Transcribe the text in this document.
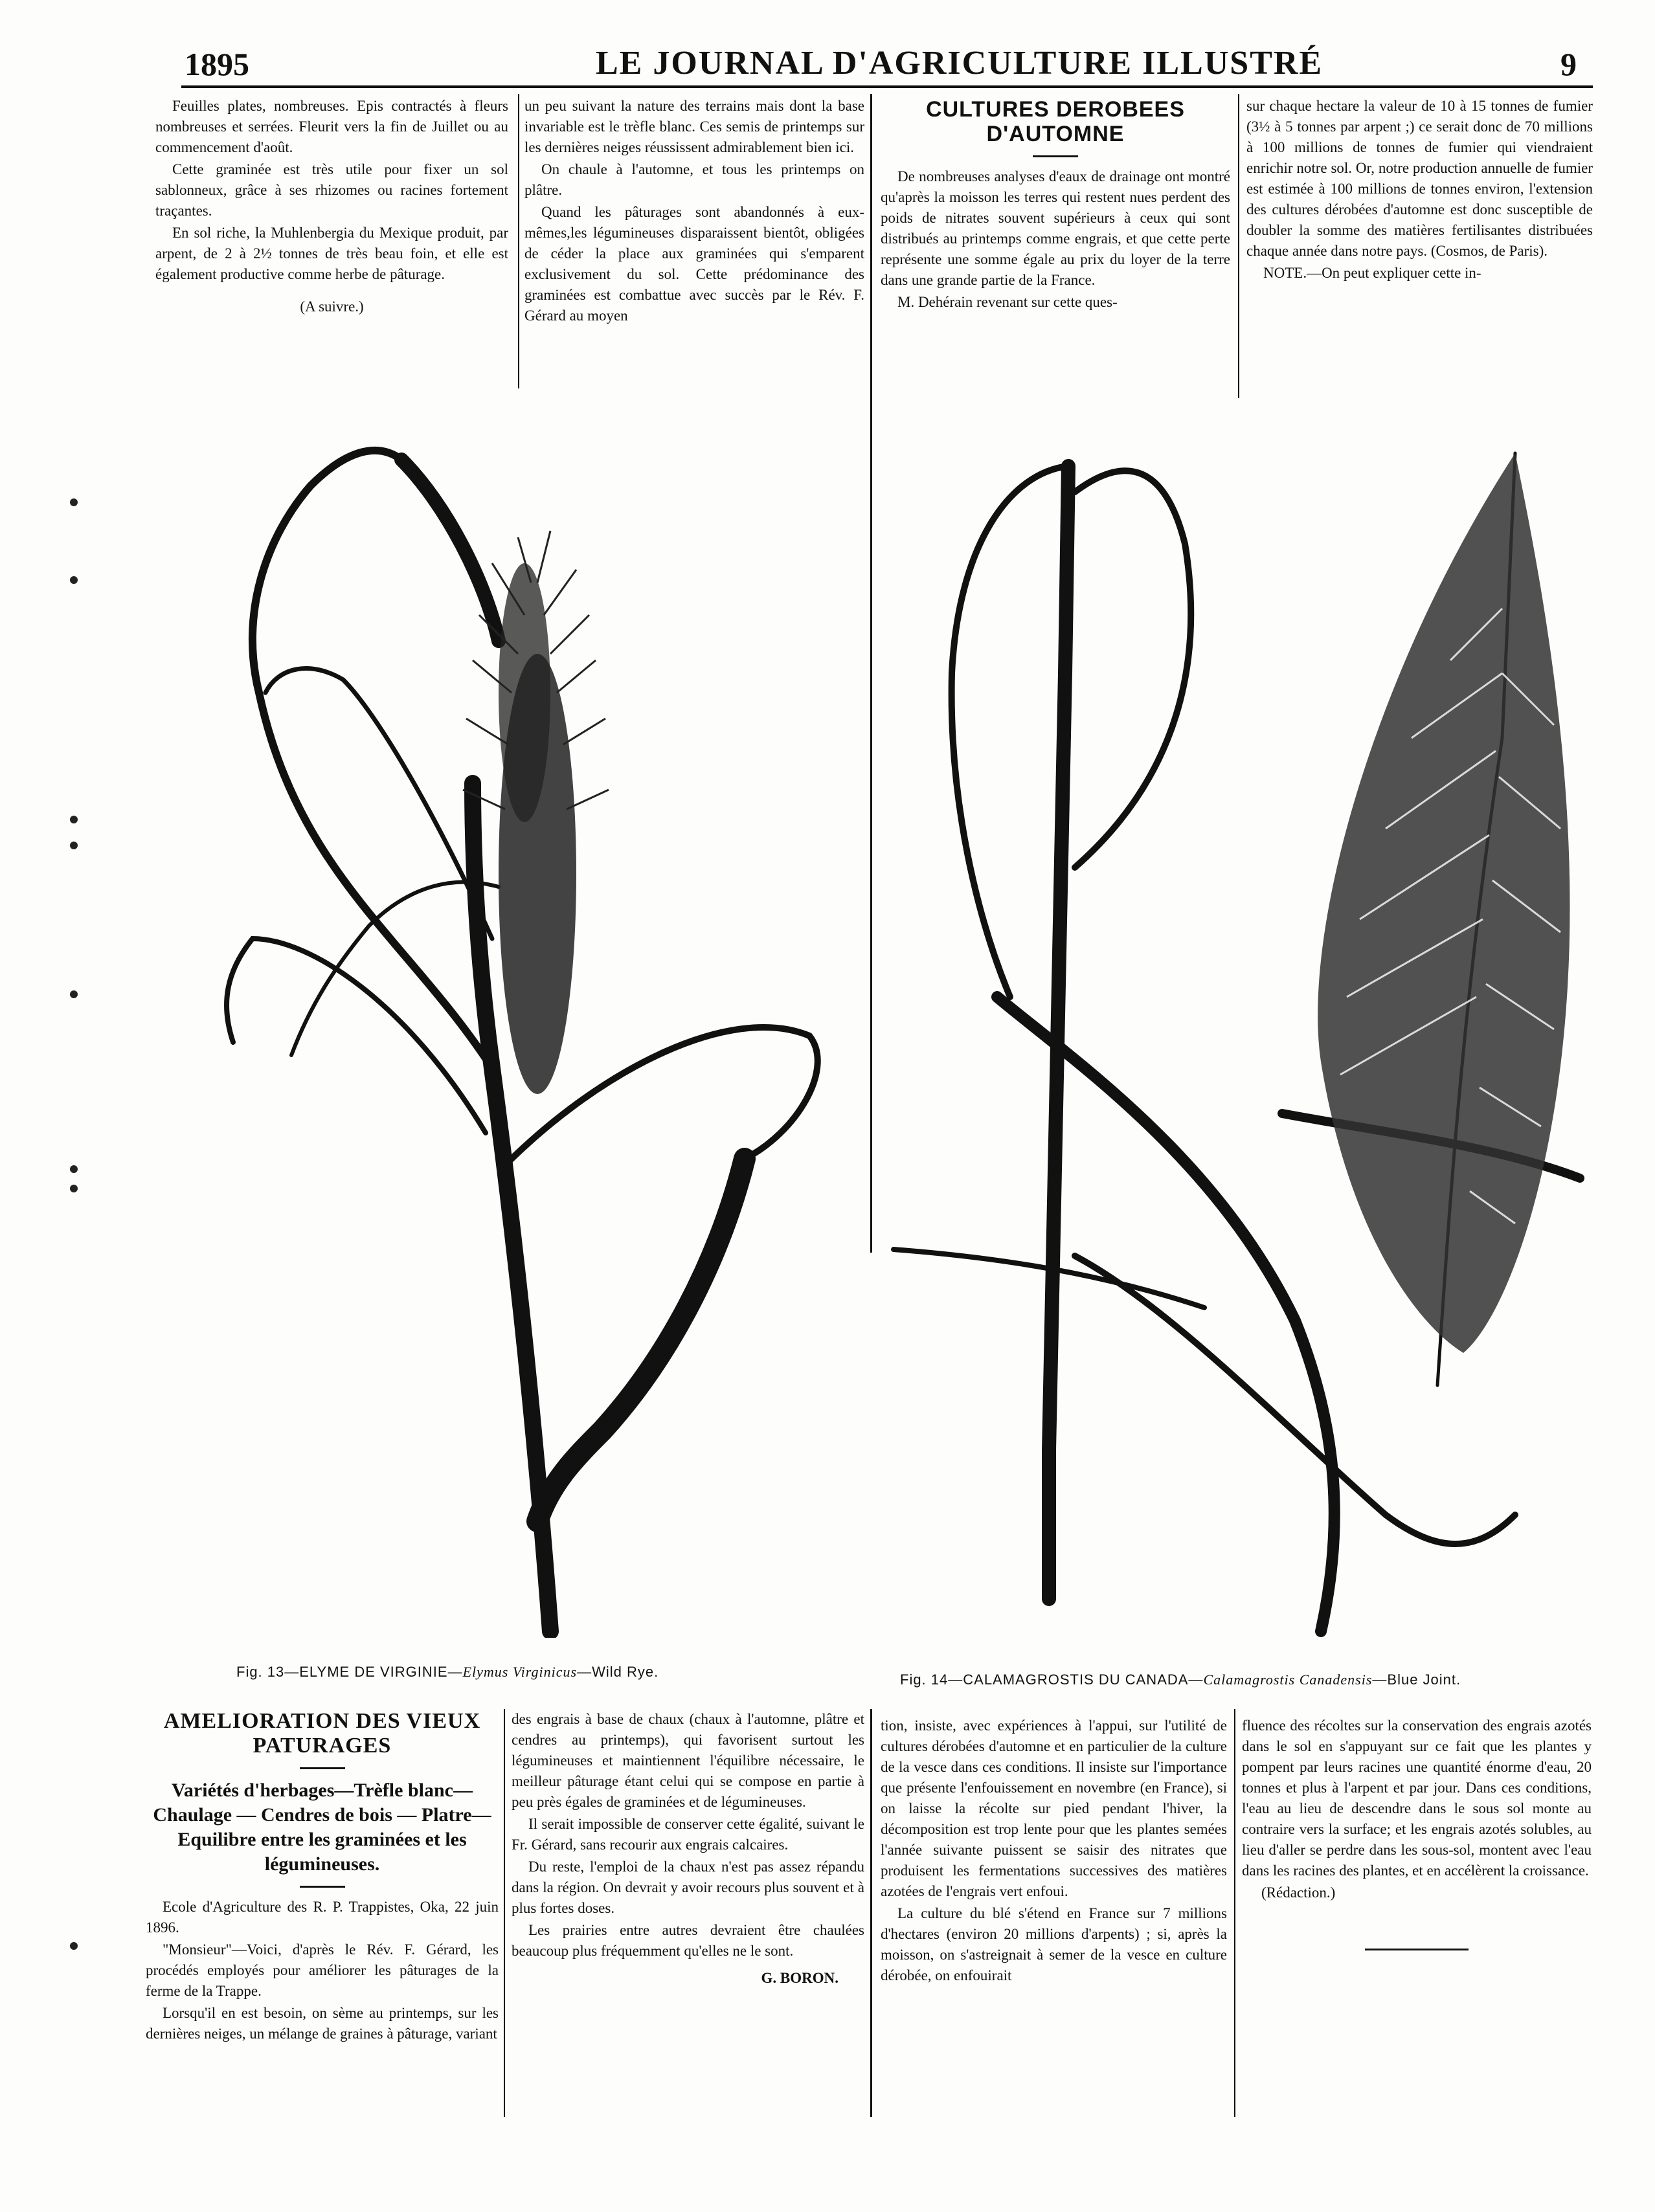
1895	LE JOURNAL D'AGRICULTURE ILLUSTRÉ	9

Feuilles plates, nombreuses. Epis contractés à fleurs nombreuses et serrées. Fleurit vers la fin de Juillet ou au commencement d'août.

Cette graminée est très utile pour fixer un sol sablonneux, grâce à ses rhizomes ou racines fortement traçantes.

En sol riche, la Muhlenbergia du Mexique produit, par arpent, de 2 à 2½ tonnes de très beau foin, et elle est également productive comme herbe de pâturage.

(A suivre.)

un peu suivant la nature des terrains mais dont la base invariable est le trèfle blanc. Ces semis de printemps sur les dernières neiges réussissent admirablement bien ici.

On chaule à l'automne, et tous les printemps on plâtre.

Quand les pâturages sont abandonnés à eux-mêmes,les légumineuses disparaissent bientôt, obligées de céder la place aux graminées qui s'emparent exclusivement du sol. Cette prédominance des graminées est combattue avec succès par le Rév. F. Gérard au moyen

CULTURES DEROBEES D'AUTOMNE

De nombreuses analyses d'eaux de drainage ont montré qu'après la moisson les terres qui restent nues perdent des poids de nitrates souvent supérieurs à ceux qui sont distribués au printemps comme engrais, et que cette perte représente une somme égale au prix du loyer de la terre dans une grande partie de la France.

M. Dehérain revenant sur cette ques-

sur chaque hectare la valeur de 10 à 15 tonnes de fumier (3½ à 5 tonnes par arpent ;) ce serait donc de 70 millions à 100 millions de tonnes de fumier qui viendraient enrichir notre sol. Or, notre production annuelle de fumier est estimée à 100 millions de tonnes environ, l'extension des cultures dérobées d'automne est donc susceptible de doubler la somme des matières fertilisantes distribuées chaque année dans notre pays. (Cosmos, de Paris).

NOTE.—On peut expliquer cette in-

Fig. 13—ELYME DE VIRGINIE—Elymus Virginicus—Wild Rye.	Fig. 14—CALAMAGROSTIS DU CANADA—Calamagrostis Canadensis—Blue Joint.
AMELIORATION DES VIEUX PATURAGES
Variétés d'herbages—Trèfle blanc—Chaulage — Cendres de bois — Platre—Equilibre entre les graminées et les légumineuses.

Ecole d'Agriculture des R. P. Trappistes, Oka, 22 juin 1896.

"Monsieur"—Voici, d'après le Rév. F. Gérard, les procédés employés pour améliorer les pâturages de la ferme de la Trappe.

Lorsqu'il en est besoin, on sème au printemps, sur les dernières neiges, un mélange de graines à pâturage, variant

des engrais à base de chaux (chaux à l'automne, plâtre et cendres au printemps), qui favorisent surtout les légumineuses et maintiennent l'équilibre nécessaire, le meilleur pâturage étant celui qui se compose en partie à peu près égales de graminées et de légumineuses.

Il serait impossible de conserver cette égalité, suivant le Fr. Gérard, sans recourir aux engrais calcaires.

Du reste, l'emploi de la chaux n'est pas assez répandu dans la région. On devrait y avoir recours plus souvent et à plus fortes doses.

Les prairies entre autres devraient être chaulées beaucoup plus fréquemment qu'elles ne le sont.

G. BORON.

tion, insiste, avec expériences à l'appui, sur l'utilité de cultures dérobées d'automne et en particulier de la culture de la vesce dans ces conditions. Il insiste sur l'importance que présente l'enfouissement en novembre (en France), si on laisse la récolte sur pied pendant l'hiver, la décomposition est trop lente pour que les plantes semées l'année suivante puissent se saisir des nitrates que produisent les fermentations successives des matières azotées de l'engrais vert enfoui.

La culture du blé s'étend en France sur 7 millions d'hectares (environ 20 millions d'arpents) ; si, après la moisson, on s'astreignait à semer de la vesce en culture dérobée, on enfouirait

fluence des récoltes sur la conservation des engrais azotés dans le sol en s'appuyant sur ce fait que les plantes y pompent par leurs racines une quantité énorme d'eau, 20 tonnes et plus à l'arpent et par jour. Dans ces conditions, l'eau au lieu de descendre dans le sous sol monte au contraire vers la surface; et les engrais azotés solubles, au lieu d'aller se perdre dans les sous-sol, montent avec l'eau dans les racines des plantes, et en accélèrent la croissance.

(Rédaction.)
